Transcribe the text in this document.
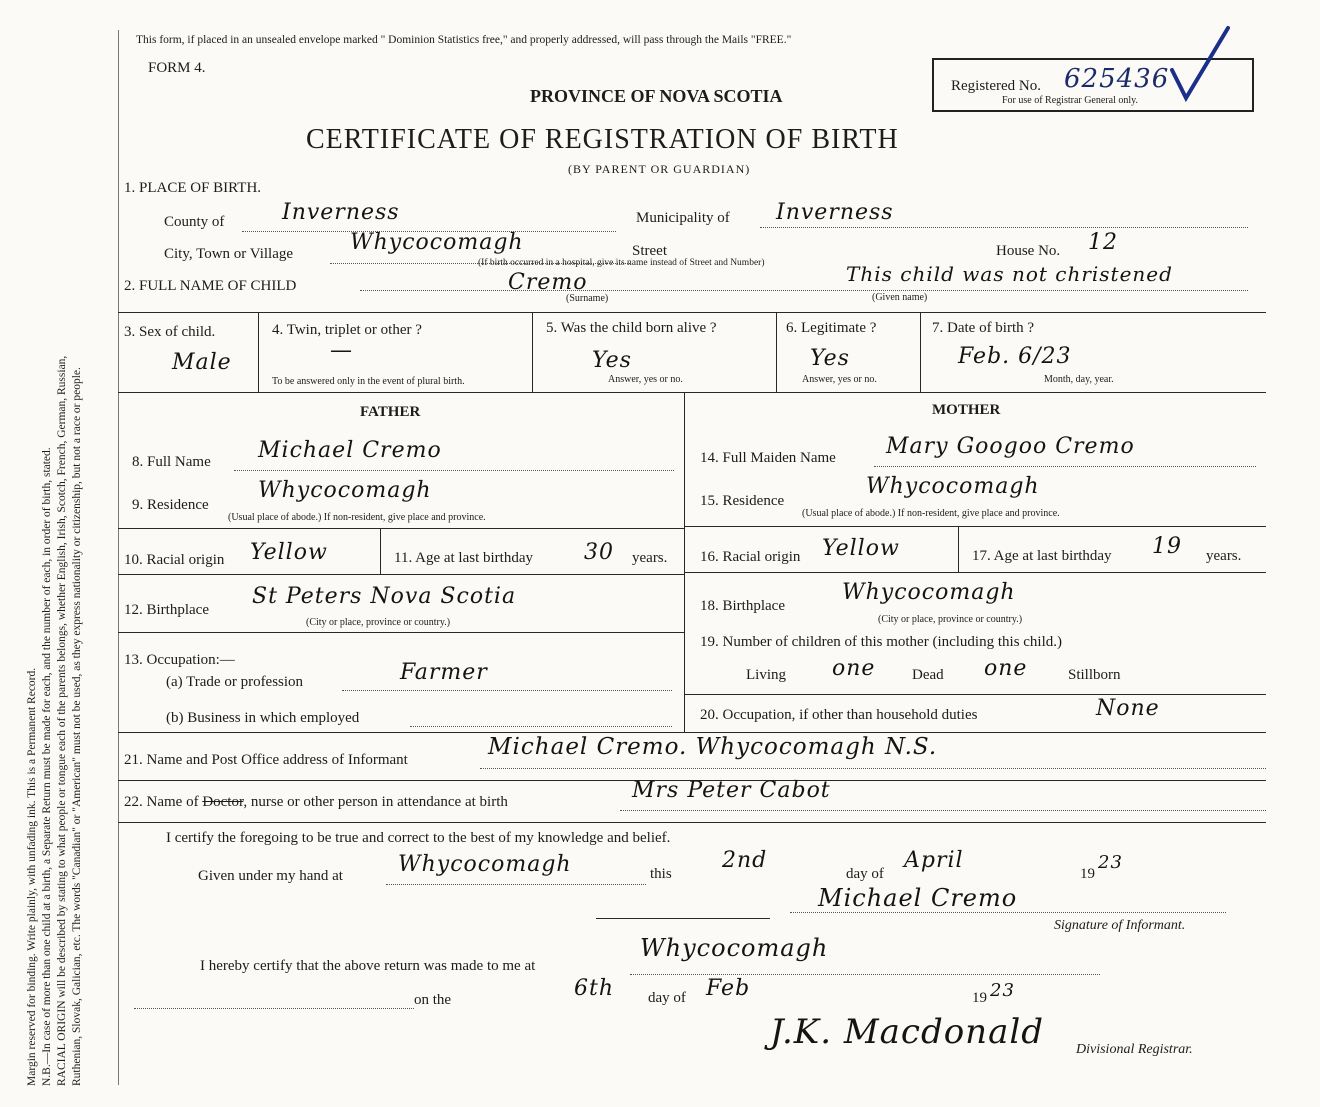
Margin reserved for binding. Write plainly, with unfading ink. This is a Permanent Record. N.B.—In case of more than one child at a birth, a Separate Return must be made for each, and the number of each, in order of birth, stated. RACIAL ORIGIN will be described by stating to what people or tongue each of the parents belongs, whether English, Irish, Scotch, French, German, Russian, Ruthenian, Slovak, Galician, etc. The words "Canadian" or "American" must not be used, as they express nationality or citizenship, but not a race or people.
This form, if placed in an unsealed envelope marked " Dominion Statistics free," and properly addressed, will pass through the Mails "FREE."
FORM 4.
PROVINCE OF NOVA SCOTIA
CERTIFICATE OF REGISTRATION OF BIRTH
(BY PARENT OR GUARDIAN)
Registered No. 625436
For use of Registrar General only.
1. PLACE OF BIRTH.
County of	Inverness	Municipality of Inverness
City, Town or Village	Whycocomagh	Street
(If birth occurred in a hospital, give its name instead of Street and Number)
House No. 12
2. FULL NAME OF CHILD	Cremo
(Surname)
This child was not christened
(Given name)
3. Sex of child.
Male
4. Twin, triplet or other ?
—
To be answered only in the event of plural birth.
5. Was the child born alive ?
Yes
Answer, yes or no.
6. Legitimate ?
Yes
Answer, yes or no.
7. Date of birth ?
Feb. 6/23
Month, day, year.
FATHER	MOTHER
8. Full Name Michael Cremo
9. Residence
Whycocomagh
(Usual place of abode.) If non-resident, give place and province.
10. Racial origin Yellow	11. Age at last birthday 30 years.
12. Birthplace
St Peters Nova Scotia
(City or place, province or country.)
13. Occupation:—
(a) Trade or profession	Farmer
(b) Business in which employed
14. Full Maiden Name Mary Googoo Cremo
15. Residence
Whycocomagh
(Usual place of abode.) If non-resident, give place and province.
16. Racial origin Yellow	17. Age at last birthday 19 years.
18. Birthplace
Whycocomagh
(City or place, province or country.)
19. Number of children of this mother (including this child.)
Living one Dead one	Stillborn
20. Occupation, if other than household duties	None
21. Name and Post Office address of Informant	Michael Cremo. Whycocomagh N.S.
22. Name of Doctor, nurse or other person in attendance at birth	Mrs Peter Cabot
I certify the foregoing to be true and correct to the best of my knowledge and belief.
Given under my hand at	Whycocomagh	this
2nd
day of
April
19
23
Michael Cremo
Signature of Informant.
I hereby certify that the above return was made to me at
Whycocomagh
on the	6th day of Feb	19 23
J.K. Macdonald Divisional Registrar.
